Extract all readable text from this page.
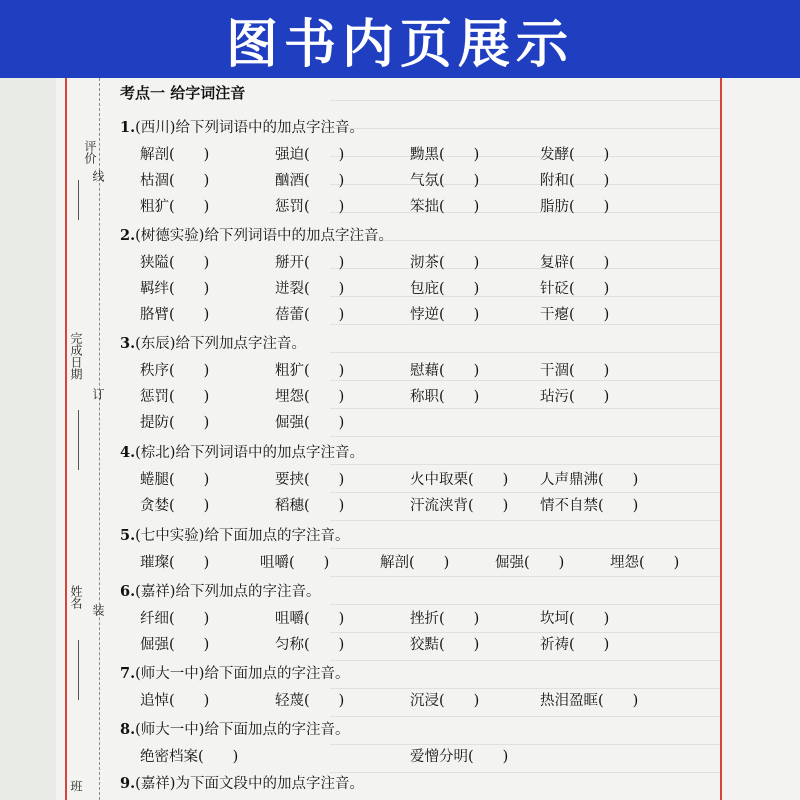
图书内页展示
评价
线
完成日期
订
姓名
装
班
考点一 给字词注音
1.(西川)给下列词语中的加点字注音。
解剖(　　)	强迫(　　)	黝黑(　　)	发酵(　　)
枯涸(　　)	酗酒(　　)	气氛(　　)	附和(　　)
粗犷(　　)	惩罚(　　)	笨拙(　　)	脂肪(　　)
2.(树德实验)给下列词语中的加点字注音。
狭隘(　　)	掰开(　　)	沏茶(　　)	复辟(　　)
羁绊(　　)	迸裂(　　)	包庇(　　)	针砭(　　)
胳臂(　　)	蓓蕾(　　)	悖逆(　　)	干瘪(　　)
3.(东辰)给下列加点字注音。
秩序(　　)	粗犷(　　)	慰藉(　　)	干涸(　　)
惩罚(　　)	埋怨(　　)	称职(　　)	玷污(　　)
提防(　　)	倔强(　　)
4.(棕北)给下列词语中的加点字注音。
蜷腿(　　)	要挟(　　)	火中取栗(　　) 人声鼎沸(　　)
贪婪(　　)	稻穗(　　)	汗流浃背(　　) 情不自禁(　　)
5.(七中实验)给下面加点的字注音。
璀璨(　　)	咀嚼(　　)	解剖(　　)	倔强(　　)	埋怨(　　)
6.(嘉祥)给下列加点的字注音。
纤细(　　)	咀嚼(　　)	挫折(　　)	坎坷(　　)
倔强(　　)	匀称(　　)	狡黠(　　)	祈祷(　　)
7.(师大一中)给下面加点的字注音。
追悼(　　)	轻蔑(　　)	沉浸(　　)	热泪盈眶(　　)
8.(师大一中)给下面加点的字注音。
绝密档案(　　)	爱憎分明(　　)
9.(嘉祥)为下面文段中的加点字注音。
